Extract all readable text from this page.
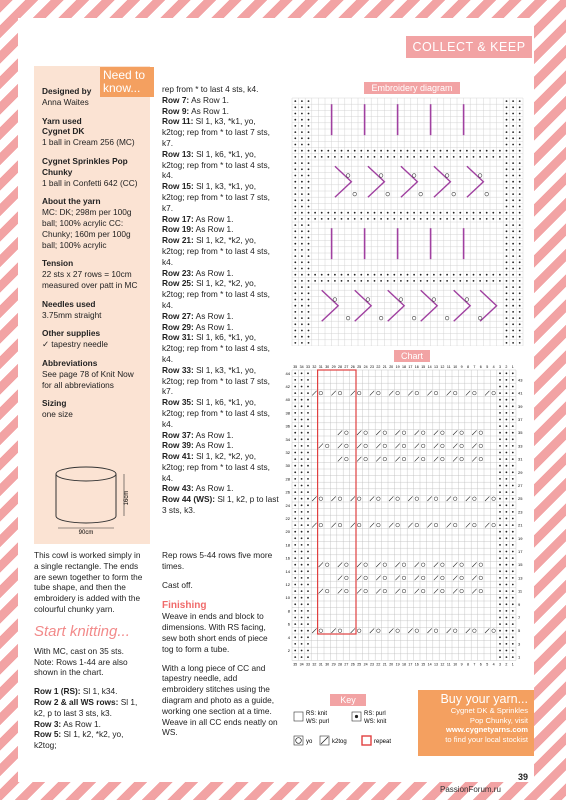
COLLECT & KEEP
Need to know...

Designed by

Anna Waites

Yarn used

Cygnet DK

1 ball in Cream 256 (MC)

Cygnet Sprinkles Pop Chunky

1 ball in Confetti 642 (CC)

About the yarn

MC: DK; 298m per 100g ball; 100% acrylic CC: Chunky; 160m per 100g ball; 100% acrylic

Tension

22 sts x 27 rows = 10cm measured over patt in MC

Needles used

3.75mm straight

Other supplies

✓ tapestry needle

Abbreviations

See page 78 of Knit Now for all abbreviations

Sizing

one size

16cm
90cm

This cowl is worked simply in a single rectangle. The ends are sewn together to form the tube shape, and then the embroidery is added with the colourful chunky yarn.

Start knitting...

With MC, cast on 35 sts. Note: Rows 1-44 are also shown in the chart.

Row 1 (RS): Sl 1, k34.

Row 2 & all WS rows: Sl 1, k2, p to last 3 sts, k3.

Row 3: As Row 1.

Row 5: Sl 1, k2, *k2, yo, k2tog;

rep from * to last 4 sts, k4.

Row 7: As Row 1.

Row 9: As Row 1.

Row 11: Sl 1, k3, *k1, yo, k2tog; rep from * to last 7 sts, k7.

Row 13: Sl 1, k6, *k1, yo, k2tog; rep from * to last 4 sts, k4.

Row 15: Sl 1, k3, *k1, yo, k2tog; rep from * to last 7 sts, k7.

Row 17: As Row 1.

Row 19: As Row 1.

Row 21: Sl 1, k2, *k2, yo, k2tog; rep from * to last 4 sts, k4.

Row 23: As Row 1.

Row 25: Sl 1, k2, *k2, yo, k2tog; rep from * to last 4 sts, k4.

Row 27: As Row 1.

Row 29: As Row 1.

Row 31: Sl 1, k6, *k1, yo, k2tog; rep from * to last 4 sts, k4.

Row 33: Sl 1, k3, *k1, yo, k2tog; rep from * to last 7 sts, k7.

Row 35: Sl 1, k6, *k1, yo, k2tog; rep from * to last 4 sts, k4.

Row 37: As Row 1.

Row 39: As Row 1.

Row 41: Sl 1, k2, *k2, yo, k2tog; rep from * to last 4 sts, k4.

Row 43: As Row 1.

Row 44 (WS): Sl 1, k2, p to last 3 sts, k3.

Rep rows 5-44 rows five more times.

Cast off.

Finishing

Weave in ends and block to dimensions. With RS facing, sew both short ends of piece tog to form a tube.

With a long piece of CC and tapestry needle, add embroidery stitches using the diagram and photo as a guide, working one section at a time. Weave in all CC ends neatly on WS.

Embroidery diagram
Chart
35
35
34
34
33
33
32
32
31
31
30
30
29
29
28
28
27
27
26
26
25
25
24
24
23
23
22
22
21
21
20
20
19
19
18
18
17
17
16
16
15
15
14
14
13
13
12
12
11
11
10
10
9
9
8
8
7
7
6
6
5
5
4
4
3
3
2
2
1
1
44
43
42
41
40
39
38
37
36
35
34
33
32
31
30
29
28
27
26
25
24
23
22
21
20
19
18
17
16
15
14
13
12
11
10
9
8
7
6
5
4
3
2
1
Key
RS: knit
WS: purl
RS: purl
WS: knit
yo	k2tog	repeat

Buy your yarn...

Cygnet DK & Sprinkles

Pop Chunky, visit

www.cygnetyarns.com

to find your local stockist

39
PassionForum.ru
